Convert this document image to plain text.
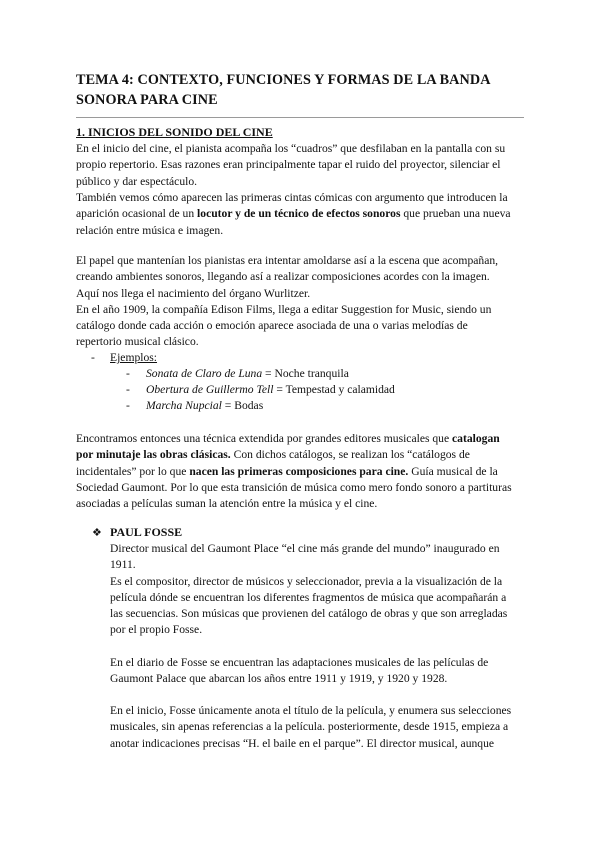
TEMA 4: CONTEXTO, FUNCIONES Y FORMAS DE LA BANDA
SONORA PARA CINE
1. INICIOS DEL SONIDO DEL CINE
En el inicio del cine, el pianista acompaña los “cuadros” que desfilaban en la pantalla con su
propio repertorio. Esas razones eran principalmente tapar el ruido del proyector, silenciar el
público y dar espectáculo.
También vemos cómo aparecen las primeras cintas cómicas con argumento que introducen la
aparición ocasional de un locutor y de un técnico de efectos sonoros que prueban una nueva
relación entre música e imagen.
El papel que mantenían los pianistas era intentar amoldarse así a la escena que acompañan,
creando ambientes sonoros, llegando así a realizar composiciones acordes con la imagen.
Aquí nos llega el nacimiento del órgano Wurlitzer.
En el año 1909, la compañía Edison Films, llega a editar Suggestion for Music, siendo un
catálogo donde cada acción o emoción aparece asociada de una o varias melodías de
repertorio musical clásico.
- Ejemplos:
- Sonata de Claro de Luna = Noche tranquila
- Obertura de Guillermo Tell = Tempestad y calamidad
- Marcha Nupcial = Bodas
Encontramos entonces una técnica extendida por grandes editores musicales que catalogan
por minutaje las obras clásicas. Con dichos catálogos, se realizan los “catálogos de
incidentales” por lo que nacen las primeras composiciones para cine. Guía musical de la
Sociedad Gaumont. Por lo que esta transición de música como mero fondo sonoro a partituras
asociadas a películas suman la atención entre la música y el cine.
❖ PAUL FOSSE
Director musical del Gaumont Place “el cine más grande del mundo” inaugurado en
1911.
Es el compositor, director de músicos y seleccionador, previa a la visualización de la
película dónde se encuentran los diferentes fragmentos de música que acompañarán a
las secuencias. Son músicas que provienen del catálogo de obras y que son arregladas
por el propio Fosse.
En el diario de Fosse se encuentran las adaptaciones musicales de las películas de
Gaumont Palace que abarcan los años entre 1911 y 1919, y 1920 y 1928.
En el inicio, Fosse únicamente anota el título de la película, y enumera sus selecciones
musicales, sin apenas referencias a la película. posteriormente, desde 1915, empieza a
anotar indicaciones precisas “H. el baile en el parque”. El director musical, aunque
